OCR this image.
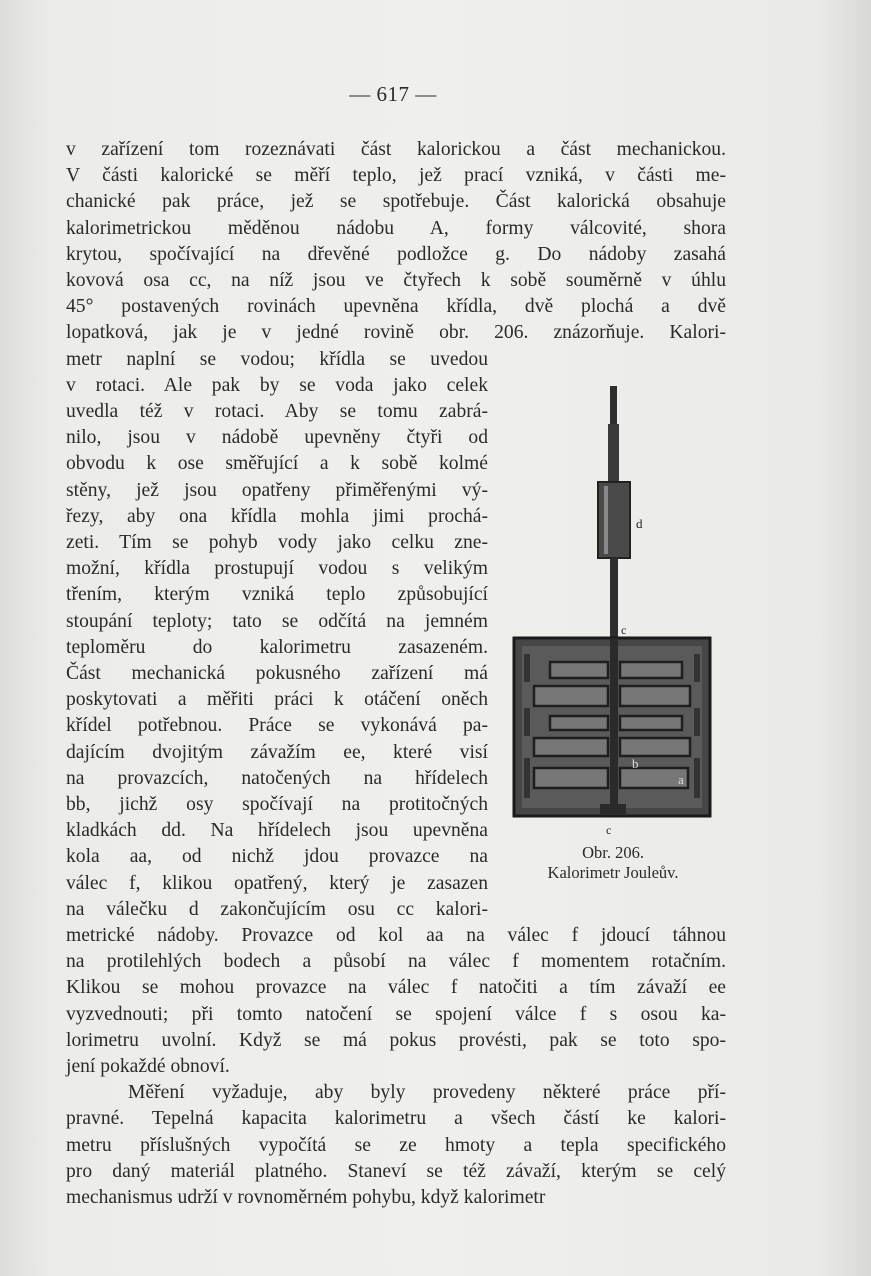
— 617 —
v zařízení tom rozeznávati část kalorickou a část mechanickou.
V části kalorické se měří teplo, jež prací vzniká, v části me-
chanické pak práce, jež se spotřebuje. Část kalorická obsahuje
kalorimetrickou měděnou nádobu A, formy válcovité, shora
krytou, spočívající na dřevěné podložce g. Do nádoby zasahá
kovová osa cc, na níž jsou ve čtyřech k sobě souměrně v úhlu
45° postavených rovinách upevněna křídla, dvě plochá a dvě
lopatková, jak je v jedné rovině obr. 206. znázorňuje. Kalori-
metr naplní se vodou; křídla se uvedou
v rotaci. Ale pak by se voda jako celek
uvedla též v rotaci. Aby se tomu zabrá-
nilo, jsou v nádobě upevněny čtyři od
obvodu k ose směřující a k sobě kolmé
stěny, jež jsou opatřeny přiměřenými vý-
řezy, aby ona křídla mohla jimi prochá-
zeti. Tím se pohyb vody jako celku zne-
možní, křídla prostupují vodou s velikým
třením, kterým vzniká teplo způsobující
stoupání teploty; tato se odčítá na jemném
teploměru do kalorimetru zasazeném.
Část mechanická pokusného zařízení má
poskytovati a měřiti práci k otáčení oněch
křídel potřebnou. Práce se vykonává pa-
dajícím dvojitým závažím ee, které visí
na provazcích, natočených na hřídelech
bb, jichž osy spočívají na protitočných
kladkách dd. Na hřídelech jsou upevněna
kola aa, od nichž jdou provazce na
válec f, klikou opatřený, který je zasazen
na válečku d zakončujícím osu cc kalori-
metrické nádoby. Provazce od kol aa na válec f jdoucí táhnou
na protilehlých bodech a působí na válec f momentem rotačním.
Klikou se mohou provazce na válec f natočiti a tím závaží ee
vyzvednouti; při tomto natočení se spojení válce f s osou ka-
lorimetru uvolní. Když se má pokus provésti, pak se toto spo-
jení pokaždé obnoví.
Měření vyžaduje, aby byly provedeny některé práce pří-
pravné. Tepelná kapacita kalorimetru a všech částí ke kalori-
metru příslušných vypočítá se ze hmoty a tepla specifického
pro daný materiál platného. Staneví se též závaží, kterým se celý
mechanismus udrží v rovnoměrném pohybu, když kalorimetr
d
c
b
a
c
Obr. 206.
Kalorimetr Jouleův.
